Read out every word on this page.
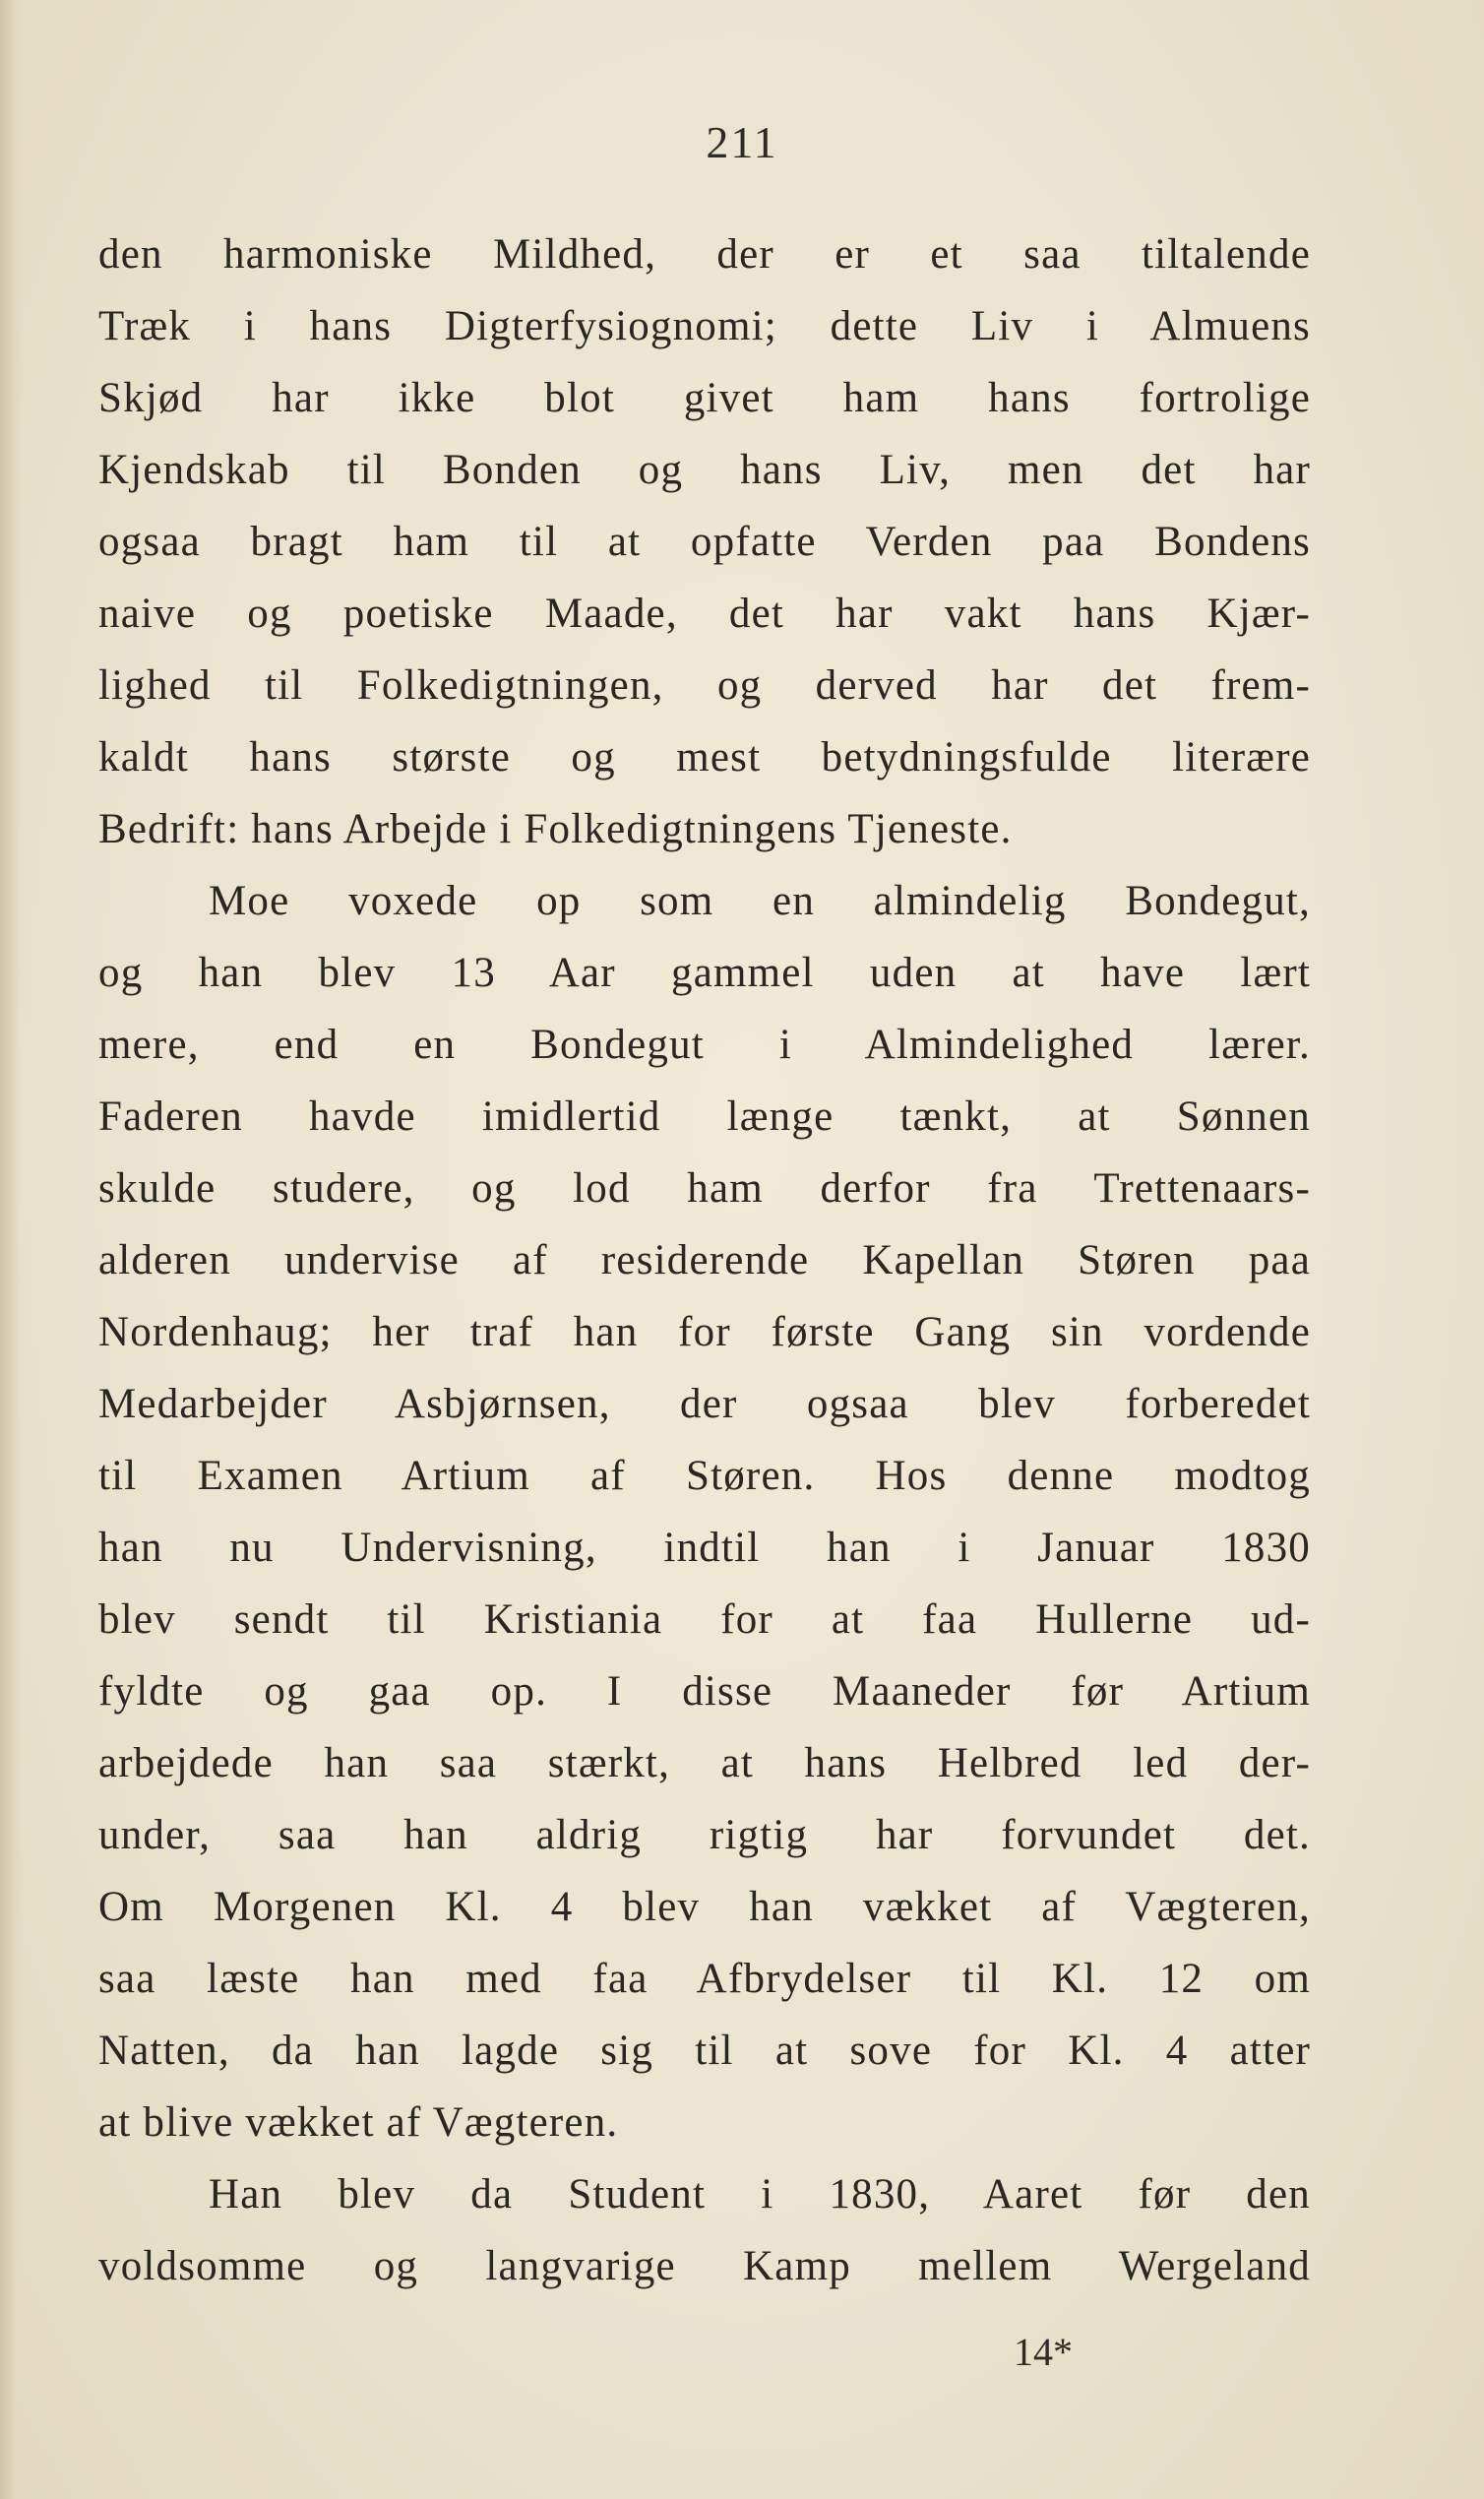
211
den harmoniske Mildhed, der er et saa tiltalende
Træk i hans Digterfysiognomi; dette Liv i Almuens
Skjød har ikke blot givet ham hans fortrolige
Kjendskab til Bonden og hans Liv, men det har
ogsaa bragt ham til at opfatte Verden paa Bondens
naive og poetiske Maade, det har vakt hans Kjær-
lighed til Folkedigtningen, og derved har det frem-
kaldt hans største og mest betydningsfulde literære
Bedrift: hans Arbejde i Folkedigtningens Tjeneste.
Moe voxede op som en almindelig Bondegut,
og han blev 13 Aar gammel uden at have lært
mere, end en Bondegut i Almindelighed lærer.
Faderen havde imidlertid længe tænkt, at Sønnen
skulde studere, og lod ham derfor fra Trettenaars-
alderen undervise af residerende Kapellan Støren paa
Nordenhaug; her traf han for første Gang sin vordende
Medarbejder Asbjørnsen, der ogsaa blev forberedet
til Examen Artium af Støren. Hos denne modtog
han nu Undervisning, indtil han i Januar 1830
blev sendt til Kristiania for at faa Hullerne ud-
fyldte og gaa op. I disse Maaneder før Artium
arbejdede han saa stærkt, at hans Helbred led der-
under, saa han aldrig rigtig har forvundet det.
Om Morgenen Kl. 4 blev han vækket af Vægteren,
saa læste han med faa Afbrydelser til Kl. 12 om
Natten, da han lagde sig til at sove for Kl. 4 atter
at blive vækket af Vægteren.
Han blev da Student i 1830, Aaret før den
voldsomme og langvarige Kamp mellem Wergeland
14*
